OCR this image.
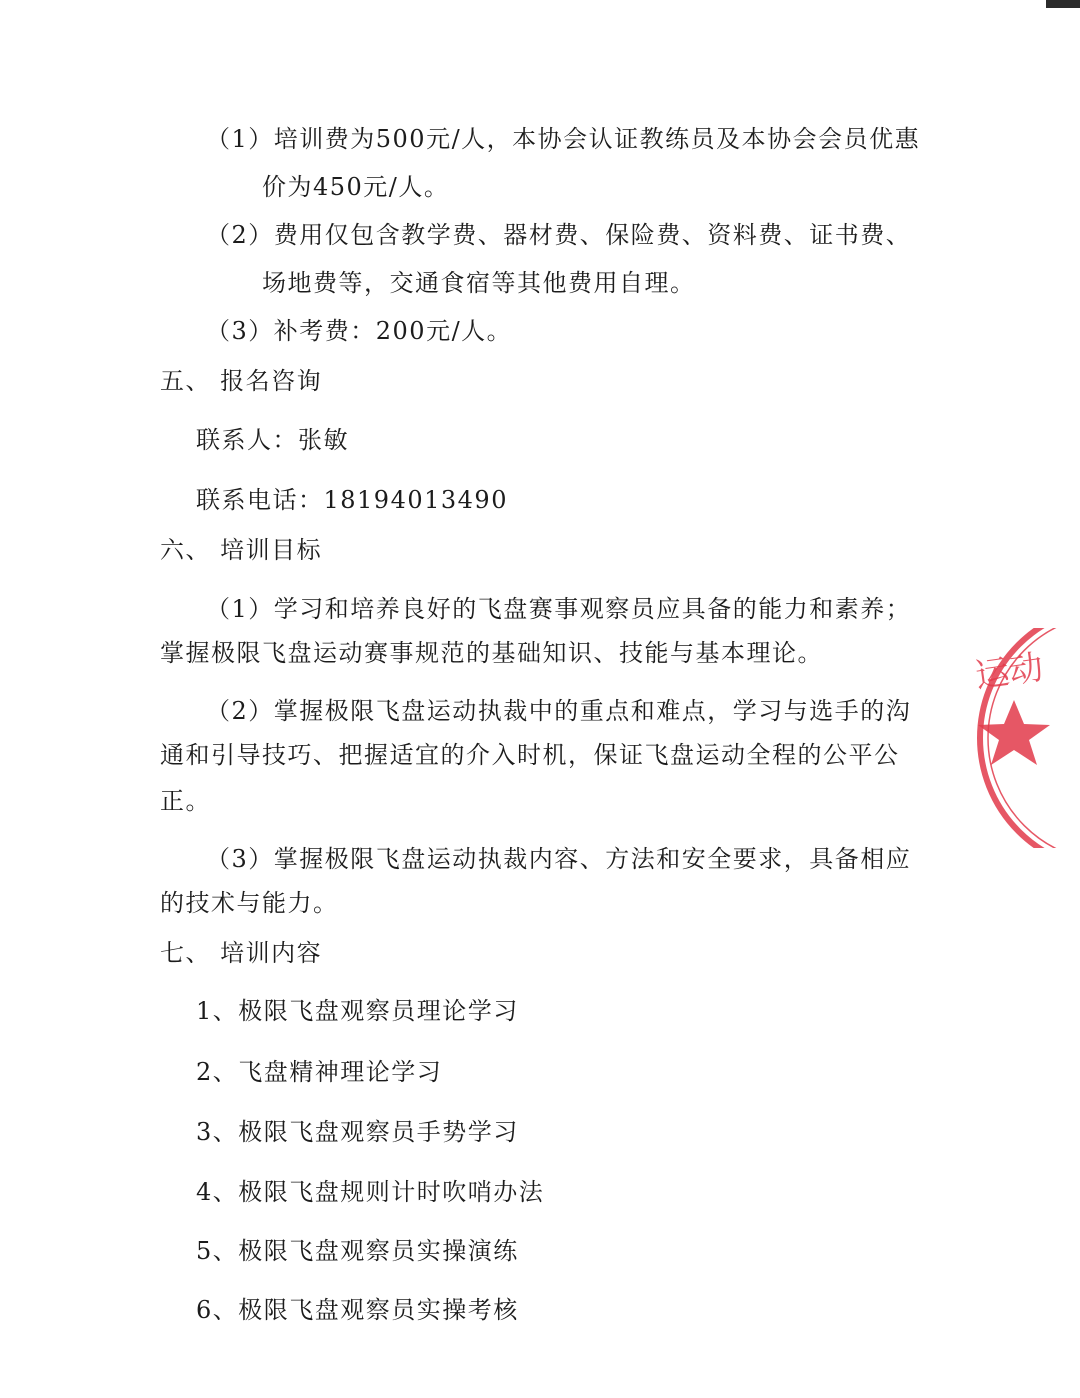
（1）培训费为500元/人，本协会认证教练员及本协会会员优惠
价为450元/人。
（2）费用仅包含教学费、器材费、保险费、资料费、证书费、
场地费等，交通食宿等其他费用自理。
（3）补考费：200元/人。
五、 报名咨询
联系人：张敏
联系电话：18194013490
六、 培训目标
（1）学习和培养良好的飞盘赛事观察员应具备的能力和素养；
掌握极限飞盘运动赛事规范的基础知识、技能与基本理论。
（2）掌握极限飞盘运动执裁中的重点和难点，学习与选手的沟
通和引导技巧、把握适宜的介入时机，保证飞盘运动全程的公平公
正。
（3）掌握极限飞盘运动执裁内容、方法和安全要求，具备相应
的技术与能力。
七、 培训内容
1、极限飞盘观察员理论学习
2、飞盘精神理论学习
3、极限飞盘观察员手势学习
4、极限飞盘规则计时吹哨办法
5、极限飞盘观察员实操演练
6、极限飞盘观察员实操考核
运动
